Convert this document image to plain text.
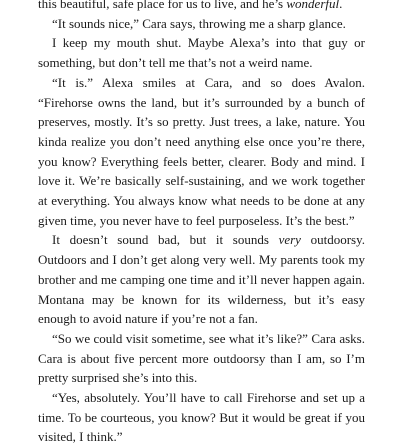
this beautiful, safe place for us to live, and he’s wonderful.

“It sounds nice,” Cara says, throwing me a sharp glance.

I keep my mouth shut. Maybe Alexa’s into that guy or something, but don’t tell me that’s not a weird name.

“It is.” Alexa smiles at Cara, and so does Avalon. “Firehorse owns the land, but it’s surrounded by a bunch of preserves, mostly. It’s so pretty. Just trees, a lake, nature. You kinda realize you don’t need anything else once you’re there, you know? Everything feels better, clearer. Body and mind. I love it. We’re basically self-sustaining, and we work together at everything. You always know what needs to be done at any given time, you never have to feel purposeless. It’s the best.”

It doesn’t sound bad, but it sounds very outdoorsy. Outdoors and I don’t get along very well. My parents took my brother and me camping one time and it’ll never happen again. Montana may be known for its wilderness, but it’s easy enough to avoid nature if you’re not a fan.

“So we could visit sometime, see what it’s like?” Cara asks. Cara is about five percent more outdoorsy than I am, so I’m pretty surprised she’s into this.

“Yes, absolutely. You’ll have to call Firehorse and set up a time. To be courteous, you know? But it would be great if you visited, I think.”
